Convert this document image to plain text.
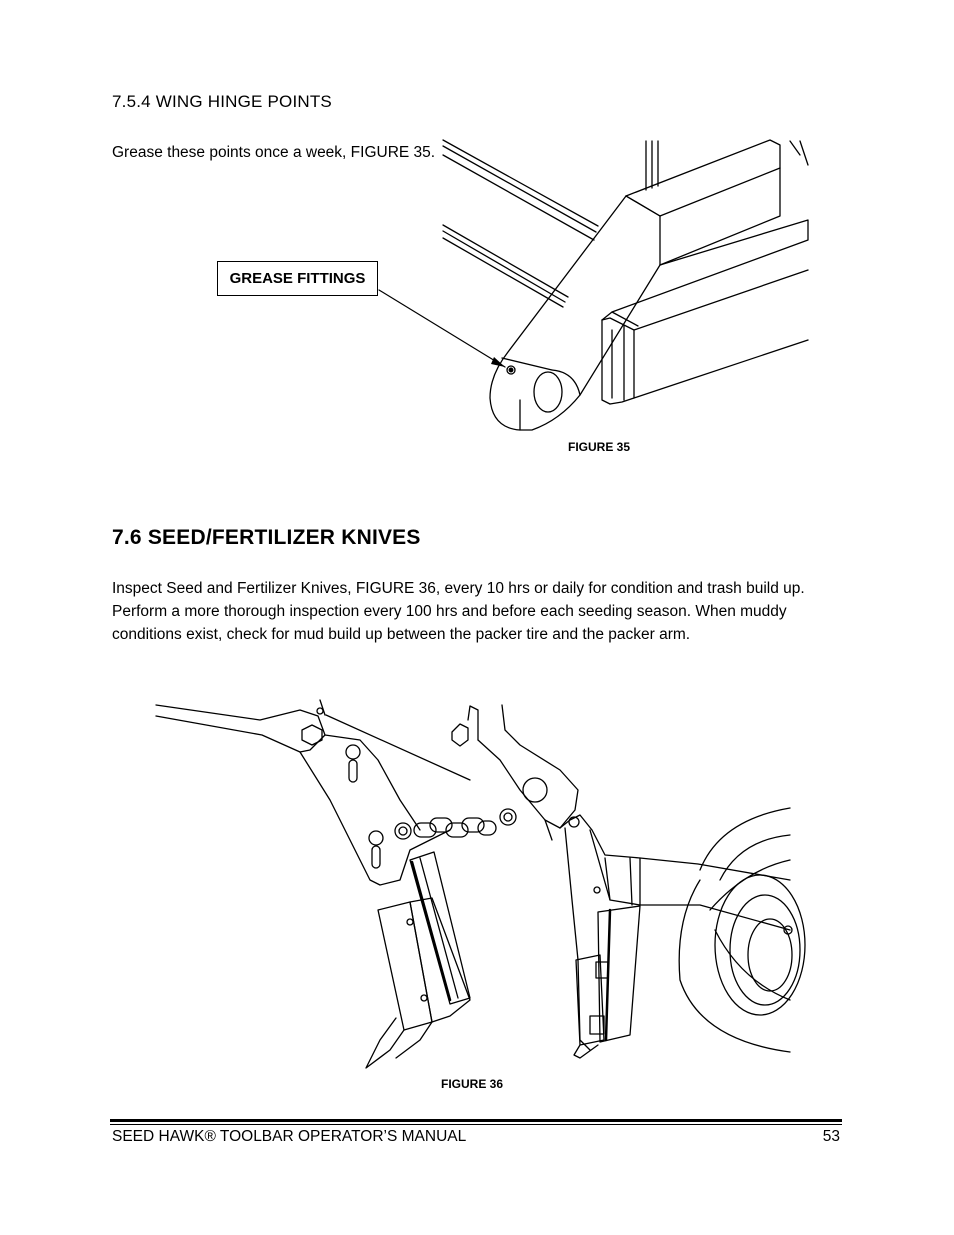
7.5.4 WING HINGE POINTS
Grease these points once a week, FIGURE 35.
GREASE FITTINGS
FIGURE 35
7.6 SEED/FERTILIZER KNIVES
Inspect Seed and Fertilizer Knives, FIGURE 36, every 10 hrs or daily for condition and trash build up. Perform a more thorough inspection every 100 hrs and before each seeding season. When muddy conditions exist, check for mud build up between the packer tire and the packer arm.
FIGURE 36
SEED HAWK® TOOLBAR OPERATOR’S MANUAL	53
